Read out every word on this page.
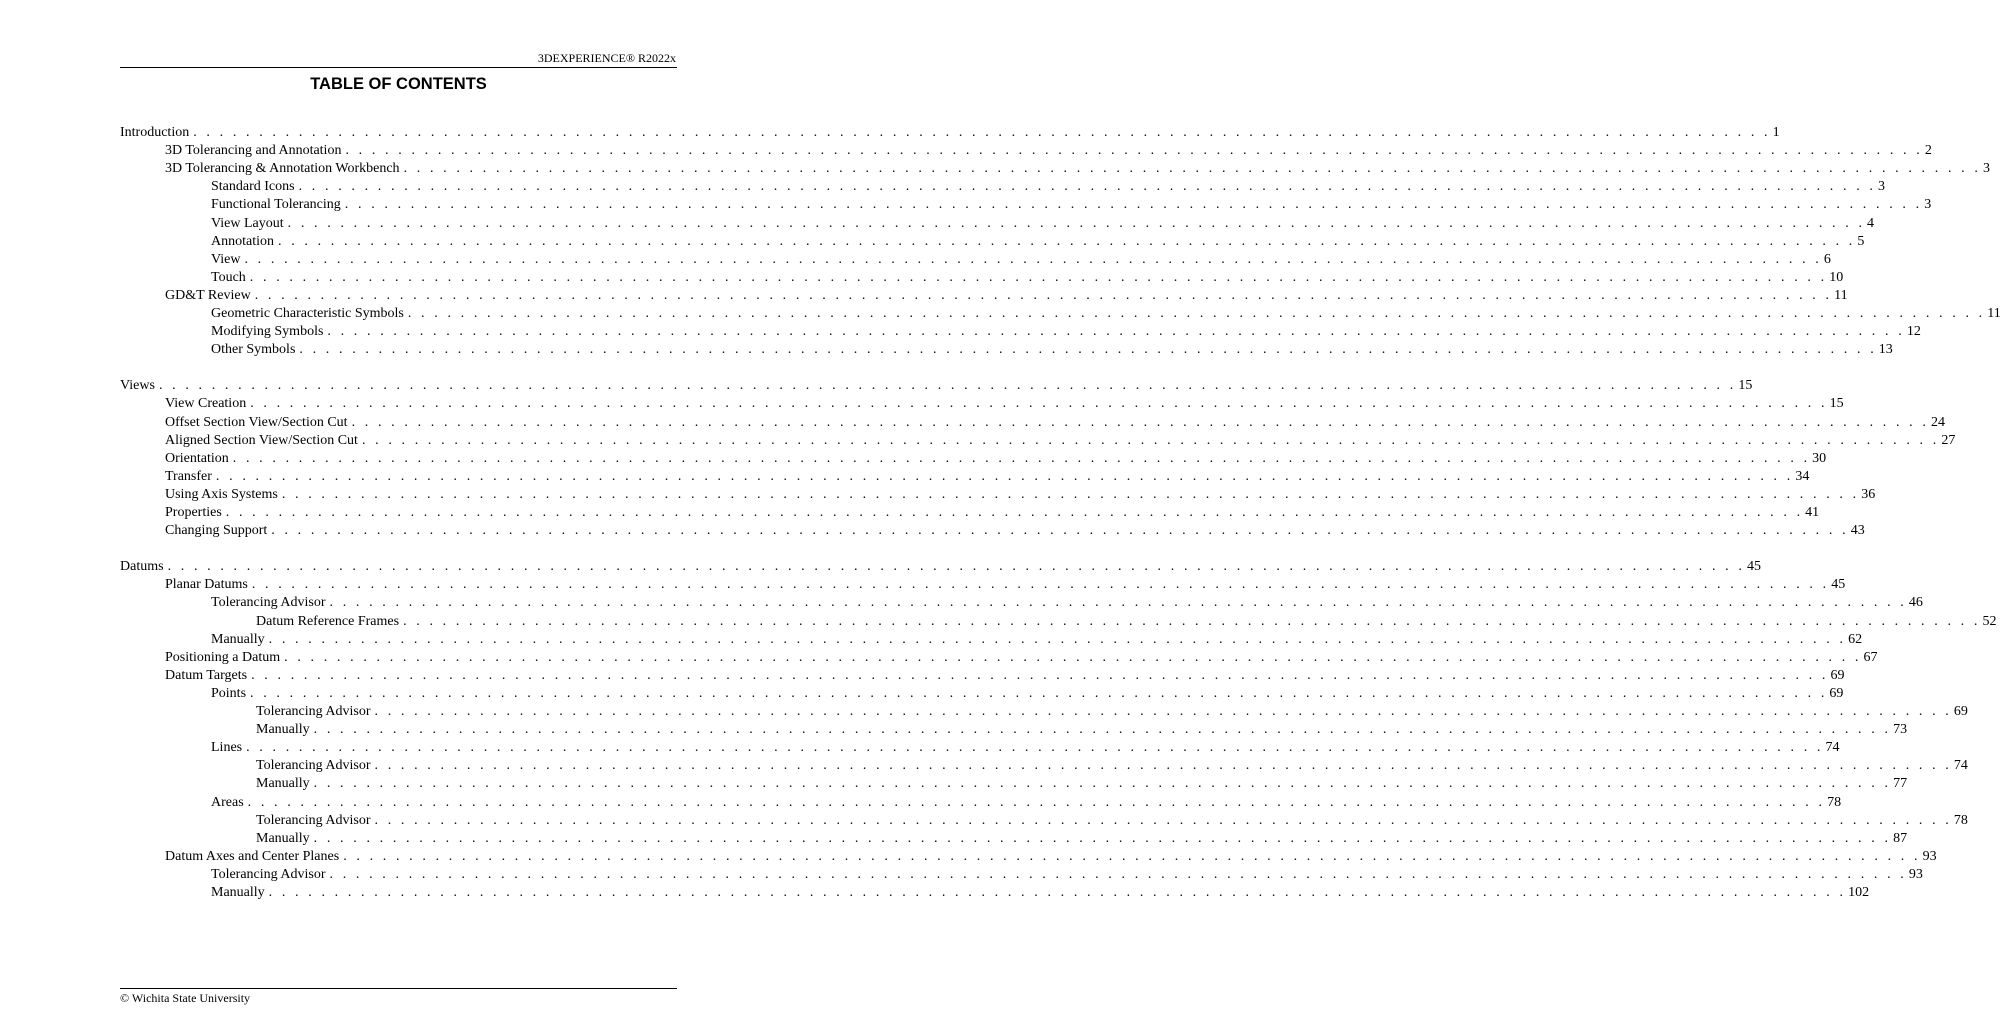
3DEXPERIENCE® R2022x
TABLE OF CONTENTS
Introduction . . . . . . . . . . . . . . . . . . . . . . . . . . . . . . . . . . . . . . . . . . . . . . . . . . . . . . . . . . . . . . . . . . . . . . . . . . . . . . . . . . . . . . . . . . . . . . . . . . . . . . . . . . . . . . . . . . . . . . . . 1
3D Tolerancing and Annotation . . . . . . . . . . . . . . . . . . . . . . . . . . . . . . . . . . . . . . . . . . . . . . . . . . . . . . . . . . . . . . . . . . . . . . . . . . . . . . . . . . . . . . . . . . . . . . . . . . . . . . . . . . . . . . . . . . . . . . . . 2
3D Tolerancing & Annotation Workbench . . . . . . . . . . . . . . . . . . . . . . . . . . . . . . . . . . . . . . . . . . . . . . . . . . . . . . . . . . . . . . . . . . . . . . . . . . . . . . . . . . . . . . . . . . . . . . . . . . . . . . . . . . . . . . . . . . . . . . . . 3
Standard Icons . . . . . . . . . . . . . . . . . . . . . . . . . . . . . . . . . . . . . . . . . . . . . . . . . . . . . . . . . . . . . . . . . . . . . . . . . . . . . . . . . . . . . . . . . . . . . . . . . . . . . . . . . . . . . . . . . . . . . . . . 3
Functional Tolerancing . . . . . . . . . . . . . . . . . . . . . . . . . . . . . . . . . . . . . . . . . . . . . . . . . . . . . . . . . . . . . . . . . . . . . . . . . . . . . . . . . . . . . . . . . . . . . . . . . . . . . . . . . . . . . . . . . . . . . . . . 3
View Layout . . . . . . . . . . . . . . . . . . . . . . . . . . . . . . . . . . . . . . . . . . . . . . . . . . . . . . . . . . . . . . . . . . . . . . . . . . . . . . . . . . . . . . . . . . . . . . . . . . . . . . . . . . . . . . . . . . . . . . . . 4
Annotation . . . . . . . . . . . . . . . . . . . . . . . . . . . . . . . . . . . . . . . . . . . . . . . . . . . . . . . . . . . . . . . . . . . . . . . . . . . . . . . . . . . . . . . . . . . . . . . . . . . . . . . . . . . . . . . . . . . . . . . . 5
View . . . . . . . . . . . . . . . . . . . . . . . . . . . . . . . . . . . . . . . . . . . . . . . . . . . . . . . . . . . . . . . . . . . . . . . . . . . . . . . . . . . . . . . . . . . . . . . . . . . . . . . . . . . . . . . . . . . . . . . . 6
Touch . . . . . . . . . . . . . . . . . . . . . . . . . . . . . . . . . . . . . . . . . . . . . . . . . . . . . . . . . . . . . . . . . . . . . . . . . . . . . . . . . . . . . . . . . . . . . . . . . . . . . . . . . . . . . . . . . . . . . . . . 10
GD&T Review . . . . . . . . . . . . . . . . . . . . . . . . . . . . . . . . . . . . . . . . . . . . . . . . . . . . . . . . . . . . . . . . . . . . . . . . . . . . . . . . . . . . . . . . . . . . . . . . . . . . . . . . . . . . . . . . . . . . . . . . 11
Geometric Characteristic Symbols . . . . . . . . . . . . . . . . . . . . . . . . . . . . . . . . . . . . . . . . . . . . . . . . . . . . . . . . . . . . . . . . . . . . . . . . . . . . . . . . . . . . . . . . . . . . . . . . . . . . . . . . . . . . . . . . . . . . . . . . 11
Modifying Symbols . . . . . . . . . . . . . . . . . . . . . . . . . . . . . . . . . . . . . . . . . . . . . . . . . . . . . . . . . . . . . . . . . . . . . . . . . . . . . . . . . . . . . . . . . . . . . . . . . . . . . . . . . . . . . . . . . . . . . . . . 12
Other Symbols . . . . . . . . . . . . . . . . . . . . . . . . . . . . . . . . . . . . . . . . . . . . . . . . . . . . . . . . . . . . . . . . . . . . . . . . . . . . . . . . . . . . . . . . . . . . . . . . . . . . . . . . . . . . . . . . . . . . . . . . 13
Views . . . . . . . . . . . . . . . . . . . . . . . . . . . . . . . . . . . . . . . . . . . . . . . . . . . . . . . . . . . . . . . . . . . . . . . . . . . . . . . . . . . . . . . . . . . . . . . . . . . . . . . . . . . . . . . . . . . . . . . . 15
View Creation . . . . . . . . . . . . . . . . . . . . . . . . . . . . . . . . . . . . . . . . . . . . . . . . . . . . . . . . . . . . . . . . . . . . . . . . . . . . . . . . . . . . . . . . . . . . . . . . . . . . . . . . . . . . . . . . . . . . . . . . 15
Offset Section View/Section Cut . . . . . . . . . . . . . . . . . . . . . . . . . . . . . . . . . . . . . . . . . . . . . . . . . . . . . . . . . . . . . . . . . . . . . . . . . . . . . . . . . . . . . . . . . . . . . . . . . . . . . . . . . . . . . . . . . . . . . . . . 24
Aligned Section View/Section Cut . . . . . . . . . . . . . . . . . . . . . . . . . . . . . . . . . . . . . . . . . . . . . . . . . . . . . . . . . . . . . . . . . . . . . . . . . . . . . . . . . . . . . . . . . . . . . . . . . . . . . . . . . . . . . . . . . . . . . . . . 27
Orientation . . . . . . . . . . . . . . . . . . . . . . . . . . . . . . . . . . . . . . . . . . . . . . . . . . . . . . . . . . . . . . . . . . . . . . . . . . . . . . . . . . . . . . . . . . . . . . . . . . . . . . . . . . . . . . . . . . . . . . . . 30
Transfer . . . . . . . . . . . . . . . . . . . . . . . . . . . . . . . . . . . . . . . . . . . . . . . . . . . . . . . . . . . . . . . . . . . . . . . . . . . . . . . . . . . . . . . . . . . . . . . . . . . . . . . . . . . . . . . . . . . . . . . . 34
Using Axis Systems . . . . . . . . . . . . . . . . . . . . . . . . . . . . . . . . . . . . . . . . . . . . . . . . . . . . . . . . . . . . . . . . . . . . . . . . . . . . . . . . . . . . . . . . . . . . . . . . . . . . . . . . . . . . . . . . . . . . . . . . 36
Properties . . . . . . . . . . . . . . . . . . . . . . . . . . . . . . . . . . . . . . . . . . . . . . . . . . . . . . . . . . . . . . . . . . . . . . . . . . . . . . . . . . . . . . . . . . . . . . . . . . . . . . . . . . . . . . . . . . . . . . . . 41
Changing Support . . . . . . . . . . . . . . . . . . . . . . . . . . . . . . . . . . . . . . . . . . . . . . . . . . . . . . . . . . . . . . . . . . . . . . . . . . . . . . . . . . . . . . . . . . . . . . . . . . . . . . . . . . . . . . . . . . . . . . . . 43
Datums . . . . . . . . . . . . . . . . . . . . . . . . . . . . . . . . . . . . . . . . . . . . . . . . . . . . . . . . . . . . . . . . . . . . . . . . . . . . . . . . . . . . . . . . . . . . . . . . . . . . . . . . . . . . . . . . . . . . . . . . 45
Planar Datums . . . . . . . . . . . . . . . . . . . . . . . . . . . . . . . . . . . . . . . . . . . . . . . . . . . . . . . . . . . . . . . . . . . . . . . . . . . . . . . . . . . . . . . . . . . . . . . . . . . . . . . . . . . . . . . . . . . . . . . . 45
Tolerancing Advisor . . . . . . . . . . . . . . . . . . . . . . . . . . . . . . . . . . . . . . . . . . . . . . . . . . . . . . . . . . . . . . . . . . . . . . . . . . . . . . . . . . . . . . . . . . . . . . . . . . . . . . . . . . . . . . . . . . . . . . . . 46
Datum Reference Frames . . . . . . . . . . . . . . . . . . . . . . . . . . . . . . . . . . . . . . . . . . . . . . . . . . . . . . . . . . . . . . . . . . . . . . . . . . . . . . . . . . . . . . . . . . . . . . . . . . . . . . . . . . . . . . . . . . . . . . . . 52
Manually . . . . . . . . . . . . . . . . . . . . . . . . . . . . . . . . . . . . . . . . . . . . . . . . . . . . . . . . . . . . . . . . . . . . . . . . . . . . . . . . . . . . . . . . . . . . . . . . . . . . . . . . . . . . . . . . . . . . . . . . 62
Positioning a Datum . . . . . . . . . . . . . . . . . . . . . . . . . . . . . . . . . . . . . . . . . . . . . . . . . . . . . . . . . . . . . . . . . . . . . . . . . . . . . . . . . . . . . . . . . . . . . . . . . . . . . . . . . . . . . . . . . . . . . . . . 67
Datum Targets . . . . . . . . . . . . . . . . . . . . . . . . . . . . . . . . . . . . . . . . . . . . . . . . . . . . . . . . . . . . . . . . . . . . . . . . . . . . . . . . . . . . . . . . . . . . . . . . . . . . . . . . . . . . . . . . . . . . . . . . 69
Points . . . . . . . . . . . . . . . . . . . . . . . . . . . . . . . . . . . . . . . . . . . . . . . . . . . . . . . . . . . . . . . . . . . . . . . . . . . . . . . . . . . . . . . . . . . . . . . . . . . . . . . . . . . . . . . . . . . . . . . . 69
Tolerancing Advisor . . . . . . . . . . . . . . . . . . . . . . . . . . . . . . . . . . . . . . . . . . . . . . . . . . . . . . . . . . . . . . . . . . . . . . . . . . . . . . . . . . . . . . . . . . . . . . . . . . . . . . . . . . . . . . . . . . . . . . . . 69
Manually . . . . . . . . . . . . . . . . . . . . . . . . . . . . . . . . . . . . . . . . . . . . . . . . . . . . . . . . . . . . . . . . . . . . . . . . . . . . . . . . . . . . . . . . . . . . . . . . . . . . . . . . . . . . . . . . . . . . . . . . 73
Lines . . . . . . . . . . . . . . . . . . . . . . . . . . . . . . . . . . . . . . . . . . . . . . . . . . . . . . . . . . . . . . . . . . . . . . . . . . . . . . . . . . . . . . . . . . . . . . . . . . . . . . . . . . . . . . . . . . . . . . . . 74
Tolerancing Advisor . . . . . . . . . . . . . . . . . . . . . . . . . . . . . . . . . . . . . . . . . . . . . . . . . . . . . . . . . . . . . . . . . . . . . . . . . . . . . . . . . . . . . . . . . . . . . . . . . . . . . . . . . . . . . . . . . . . . . . . . 74
Manually . . . . . . . . . . . . . . . . . . . . . . . . . . . . . . . . . . . . . . . . . . . . . . . . . . . . . . . . . . . . . . . . . . . . . . . . . . . . . . . . . . . . . . . . . . . . . . . . . . . . . . . . . . . . . . . . . . . . . . . . 77
Areas . . . . . . . . . . . . . . . . . . . . . . . . . . . . . . . . . . . . . . . . . . . . . . . . . . . . . . . . . . . . . . . . . . . . . . . . . . . . . . . . . . . . . . . . . . . . . . . . . . . . . . . . . . . . . . . . . . . . . . . . 78
Tolerancing Advisor . . . . . . . . . . . . . . . . . . . . . . . . . . . . . . . . . . . . . . . . . . . . . . . . . . . . . . . . . . . . . . . . . . . . . . . . . . . . . . . . . . . . . . . . . . . . . . . . . . . . . . . . . . . . . . . . . . . . . . . . 78
Manually . . . . . . . . . . . . . . . . . . . . . . . . . . . . . . . . . . . . . . . . . . . . . . . . . . . . . . . . . . . . . . . . . . . . . . . . . . . . . . . . . . . . . . . . . . . . . . . . . . . . . . . . . . . . . . . . . . . . . . . . 87
Datum Axes and Center Planes . . . . . . . . . . . . . . . . . . . . . . . . . . . . . . . . . . . . . . . . . . . . . . . . . . . . . . . . . . . . . . . . . . . . . . . . . . . . . . . . . . . . . . . . . . . . . . . . . . . . . . . . . . . . . . . . . . . . . . . . 93
Tolerancing Advisor . . . . . . . . . . . . . . . . . . . . . . . . . . . . . . . . . . . . . . . . . . . . . . . . . . . . . . . . . . . . . . . . . . . . . . . . . . . . . . . . . . . . . . . . . . . . . . . . . . . . . . . . . . . . . . . . . . . . . . . . 93
Manually . . . . . . . . . . . . . . . . . . . . . . . . . . . . . . . . . . . . . . . . . . . . . . . . . . . . . . . . . . . . . . . . . . . . . . . . . . . . . . . . . . . . . . . . . . . . . . . . . . . . . . . . . . . . . . . . . . . . . . . . 102
© Wichita State University
